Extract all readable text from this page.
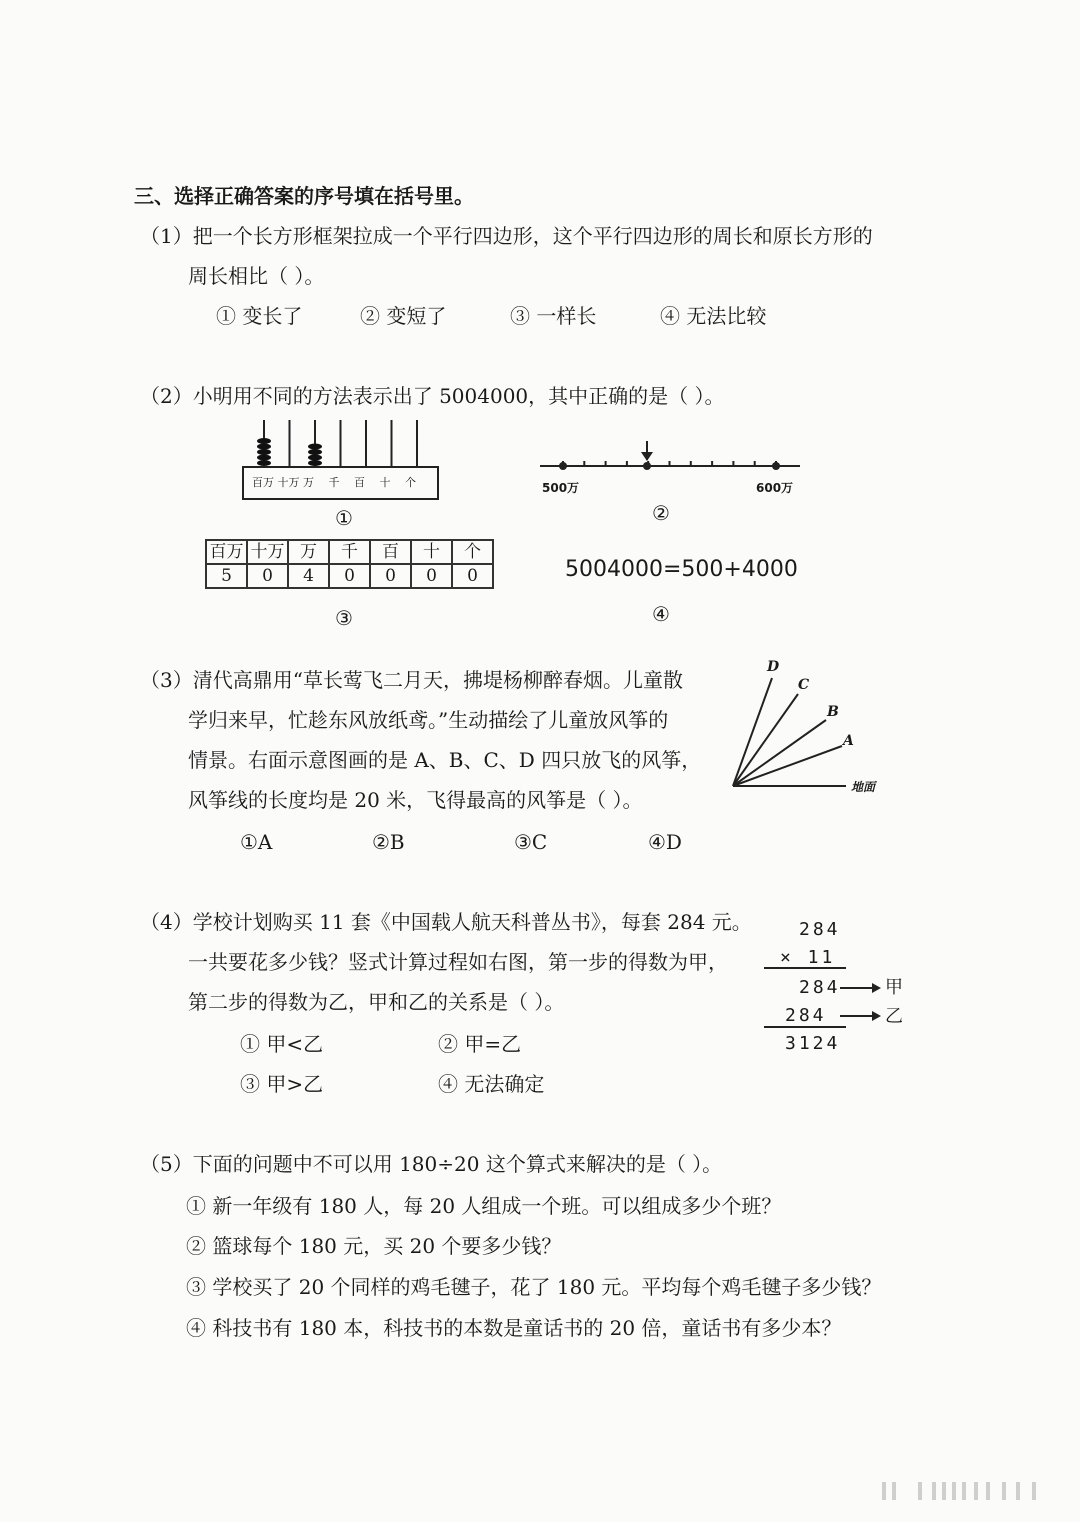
三、选择正确答案的序号填在括号里。
（1）把一个长方形框架拉成一个平行四边形，这个平行四边形的周长和原长方形的
周长相比（ ）。
① 变长了	② 变短了	③ 一样长	④ 无法比较
（2）小明用不同的方法表示出了 5004000，其中正确的是（ ）。
百万 十万 万 千 百 十 个
①
500万	600万
②
百万	十万	万	千	百	十	个
5	0	4	0	0	0	0
③
5004000=500+4000
④
（3）清代高鼎用“草长莺飞二月天，拂堤杨柳醉春烟。儿童散
学归来早，忙趁东风放纸鸢。”生动描绘了儿童放风筝的
情景。右面示意图画的是 A、B、C、D 四只放飞的风筝，
风筝线的长度均是 20 米，飞得最高的风筝是（ ）。
①A	②B	③C	④D
D
C
B
A
地面
（4）学校计划购买 11 套《中国载人航天科普丛书》，每套 284 元。
一共要花多少钱？竖式计算过程如右图，第一步的得数为甲，
第二步的得数为乙，甲和乙的关系是（ ）。
① 甲<乙	② 甲=乙
③ 甲>乙	④ 无法确定
284
× 11
284 甲
284	乙
3124
（5）下面的问题中不可以用 180÷20 这个算式来解决的是（ ）。
① 新一年级有 180 人，每 20 人组成一个班。可以组成多少个班？
② 篮球每个 180 元，买 20 个要多少钱？
③ 学校买了 20 个同样的鸡毛毽子，花了 180 元。平均每个鸡毛毽子多少钱？
④ 科技书有 180 本，科技书的本数是童话书的 20 倍，童话书有多少本？
